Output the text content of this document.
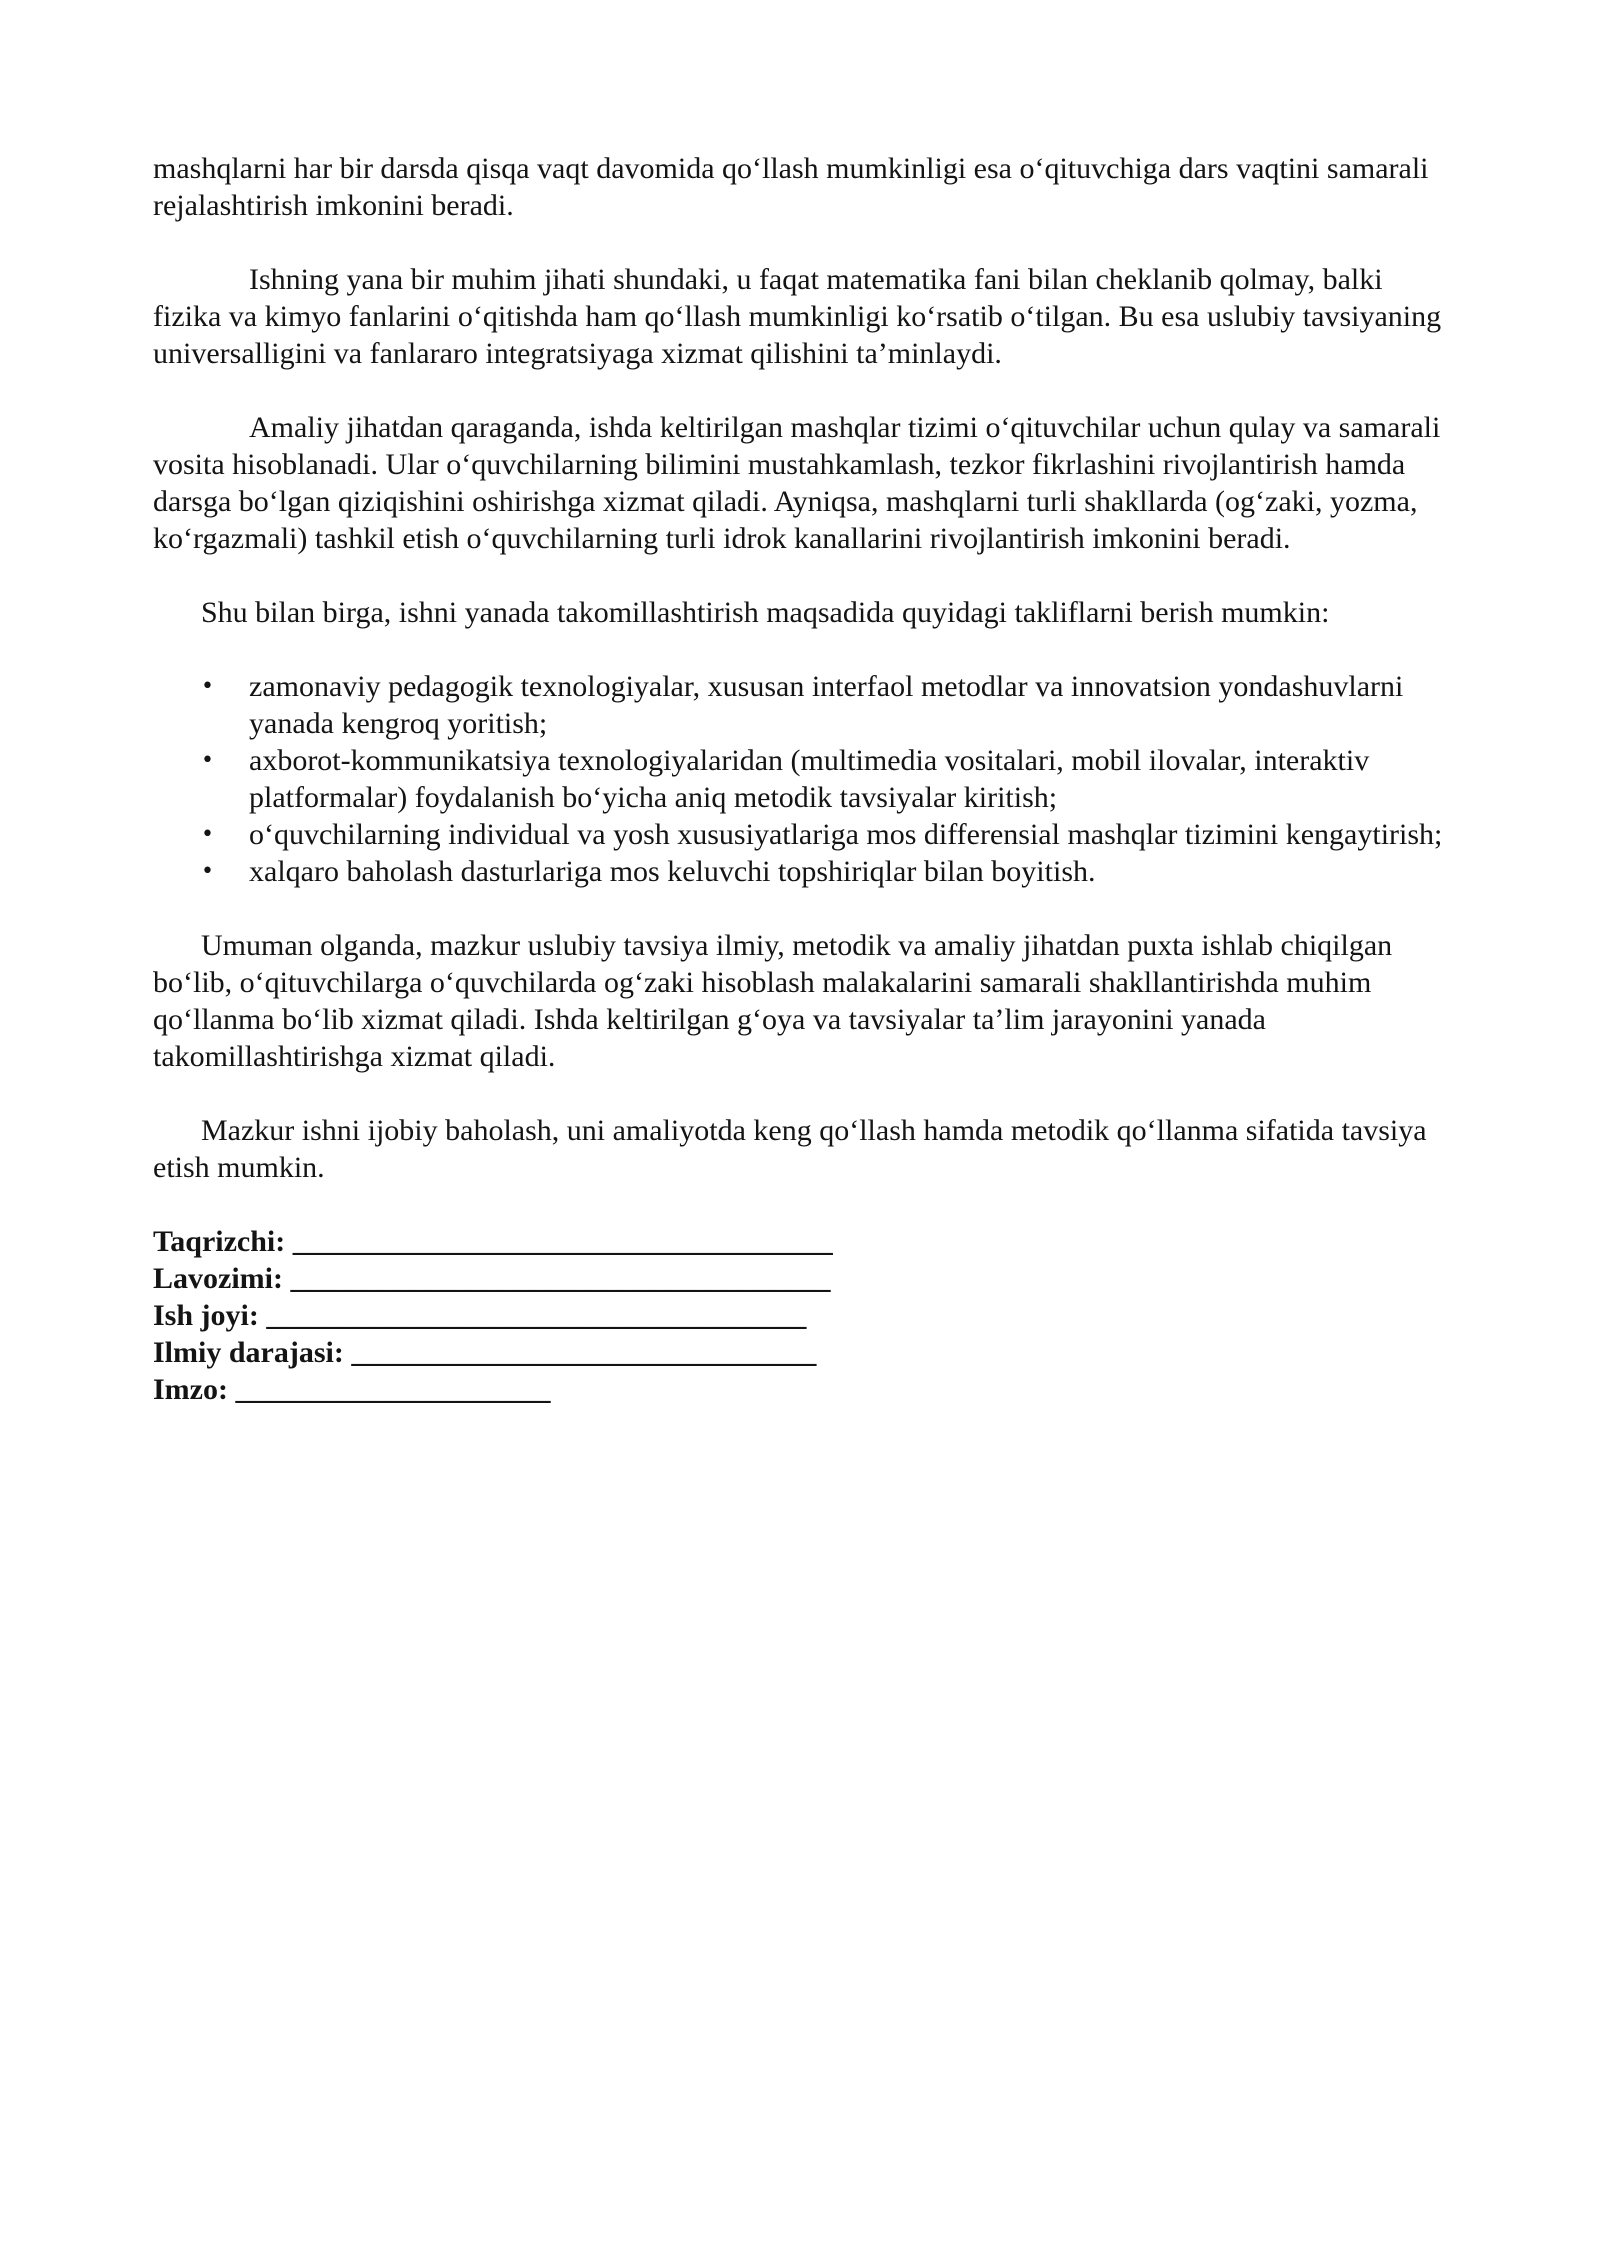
mashqlarni har bir darsda qisqa vaqt davomida qo‘llash mumkinligi esa o‘qituvchiga dars vaqtini samarali rejalashtirish imkonini beradi.

Ishning yana bir muhim jihati shundaki, u faqat matematika fani bilan cheklanib qolmay, balki fizika va kimyo fanlarini o‘qitishda ham qo‘llash mumkinligi ko‘rsatib o‘tilgan. Bu esa uslubiy tavsiyaning universalligini va fanlararo integratsiyaga xizmat qilishini ta’minlaydi.

Amaliy jihatdan qaraganda, ishda keltirilgan mashqlar tizimi o‘qituvchilar uchun qulay va samarali vosita hisoblanadi. Ular o‘quvchilarning bilimini mustahkamlash, tezkor fikrlashini rivojlantirish hamda darsga bo‘lgan qiziqishini oshirishga xizmat qiladi. Ayniqsa, mashqlarni turli shakllarda (og‘zaki, yozma, ko‘rgazmali) tashkil etish o‘quvchilarning turli idrok kanallarini rivojlantirish imkonini beradi.

Shu bilan birga, ishni yanada takomillashtirish maqsadida quyidagi takliflarni berish mumkin:

•	zamonaviy pedagogik texnologiyalar, xususan interfaol metodlar va innovatsion yondashuvlarni yanada kengroq yoritish;
•	axborot-kommunikatsiya texnologiyalaridan (multimedia vositalari, mobil ilovalar, interaktiv platformalar) foydalanish bo‘yicha aniq metodik tavsiyalar kiritish;
•	o‘quvchilarning individual va yosh xususiyatlariga mos differensial mashqlar tizimini kengaytirish;
•	xalqaro baholash dasturlariga mos keluvchi topshiriqlar bilan boyitish.

Umuman olganda, mazkur uslubiy tavsiya ilmiy, metodik va amaliy jihatdan puxta ishlab chiqilgan bo‘lib, o‘qituvchilarga o‘quvchilarda og‘zaki hisoblash malakalarini samarali shakllantirishda muhim qo‘llanma bo‘lib xizmat qiladi. Ishda keltirilgan g‘oya va tavsiyalar ta’lim jarayonini yanada takomillashtirishga xizmat qiladi.

Mazkur ishni ijobiy baholash, uni amaliyotda keng qo‘llash hamda metodik qo‘llanma sifatida tavsiya etish mumkin.

Taqrizchi: ____________________________________
Lavozimi: ____________________________________
Ish joyi: ____________________________________
Ilmiy darajasi: _______________________________
Imzo: _____________________
